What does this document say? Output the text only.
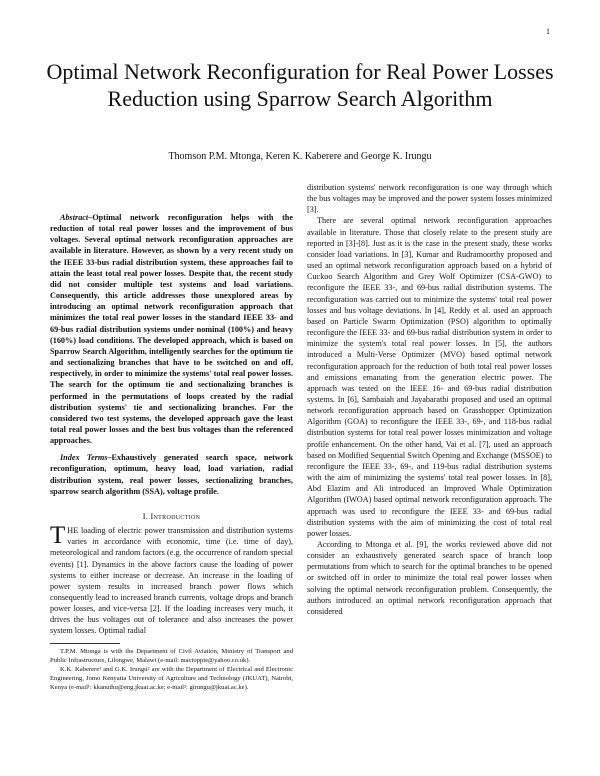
1
Optimal Network Reconfiguration for Real Power Losses Reduction using Sparrow Search Algorithm
Thomson P.M. Mtonga, Keren K. Kaberere and George K. Irungu

Abstract–Optimal network reconfiguration helps with the reduction of total real power losses and the improvement of bus voltages. Several optimal network reconfiguration approaches are available in literature. However, as shown by a very recent study on the IEEE 33-bus radial distribution system, these approaches fail to attain the least total real power losses. Despite that, the recent study did not consider multiple test systems and load variations. Consequently, this article addresses those unexplored areas by introducing an optimal network reconfiguration approach that minimizes the total real power losses in the standard IEEE 33- and 69-bus radial distribution systems under nominal (100%) and heavy (160%) load conditions. The developed approach, which is based on Sparrow Search Algorithm, intelligently searches for the optimum tie and sectionalizing branches that have to be switched on and off, respectively, in order to minimize the systems' total real power losses. The search for the optimum tie and sectionalizing branches is performed in the permutations of loops created by the radial distribution systems' tie and sectionalizing branches. For the considered two test systems, the developed approach gave the least total real power losses and the best bus voltages than the referenced approaches.

Index Terms–Exhaustively generated search space, network reconfiguration, optimum, heavy load, load variation, radial distribution system, real power losses, sectionalizing branches, sparrow search algorithm (SSA), voltage profile.

I. Introduction

THE loading of electric power transmission and distribution systems varies in accordance with economic, time (i.e. time of day), meteorological and random factors (e.g. the occurrence of random special events) [1]. Dynamics in the above factors cause the loading of power systems to either increase or decrease. An increase in the loading of power system results in increased branch power flows which consequently lead to increased branch currents, voltage drops and branch power losses, and vice-versa [2]. If the loading increases very much, it drives the bus voltages out of tolerance and also increases the power system losses. Optimal radial

T.P.M. Mtonga is with the Department of Civil Aviation, Ministry of Transport and Public Infrastructure, Lilongwe, Malawi (e-mail: mactoppie@yahoo.co.uk).

K.K. Kaberere¹ and G.K. Irungu² are with the Department of Electrical and Electronic Engineering, Jomo Kenyatta University of Agriculture and Technology (JKUAT), Nairobi, Kenya (e-mail¹: kkanuthu@eng.jkuat.ac.ke; e-mail²: girungu@jkuat.ac.ke).

distribution systems' network reconfiguration is one way through which the bus voltages may be improved and the power system losses minimized [3].

There are several optimal network reconfiguration approaches available in literature. Those that closely relate to the present study are reported in [3]-[8]. Just as it is the case in the present study, these works consider load variations. In [3], Kumar and Rudramoorthy proposed and used an optimal network reconfiguration approach based on a hybrid of Cuckoo Search Algorithm and Grey Wolf Optimizer (CSA-GWO) to reconfigure the IEEE 33-, and 69-bus radial distribution systems. The reconfiguration was carried out to minimize the systems' total real power losses and bus voltage deviations. In [4], Reddy et al. used an approach based on Particle Swarm Optimization (PSO) algorithm to optimally reconfigure the IEEE 33- and 69-bus radial distribution system in order to minimize the system's total real power losses. In [5], the authors introduced a Multi-Verse Optimizer (MVO) based optimal network reconfiguration approach for the reduction of both total real power losses and emissions emanating from the generation electric power. The approach was tested on the IEEE 16- and 69-bus radial distribution systems. In [6], Sambaiah and Jayabarathi proposed and used an optimal network reconfiguration approach based on Grasshopper Optimization Algorithm (GOA) to reconfigure the IEEE 33-, 69-, and 118-bus radial distribution systems for total real power losses minimization and voltage profile enhancement. On the other hand, Vai et al. [7], used an approach based on Modified Sequential Switch Opening and Exchange (MSSOE) to reconfigure the IEEE 33-, 69-, and 119-bus radial distribution systems with the aim of minimizing the systems' total real power losses. In [8], Abd Elazim and Ali introduced an Improved Whale Optimization Algorithm (IWOA) based optimal network reconfiguration approach. The approach was used to reconfigure the IEEE 33- and 69-bus radial distribution systems with the aim of minimizing the cost of total real power losses.

According to Mtonga et al. [9], the works reviewed above did not consider an exhaustively generated search space of branch loop permutations from which to search for the optimal branches to be opened or switched off in order to minimize the total real power losses when solving the optimal network reconfiguration problem. Consequently, the authors introduced an optimal network reconfiguration approach that considered
